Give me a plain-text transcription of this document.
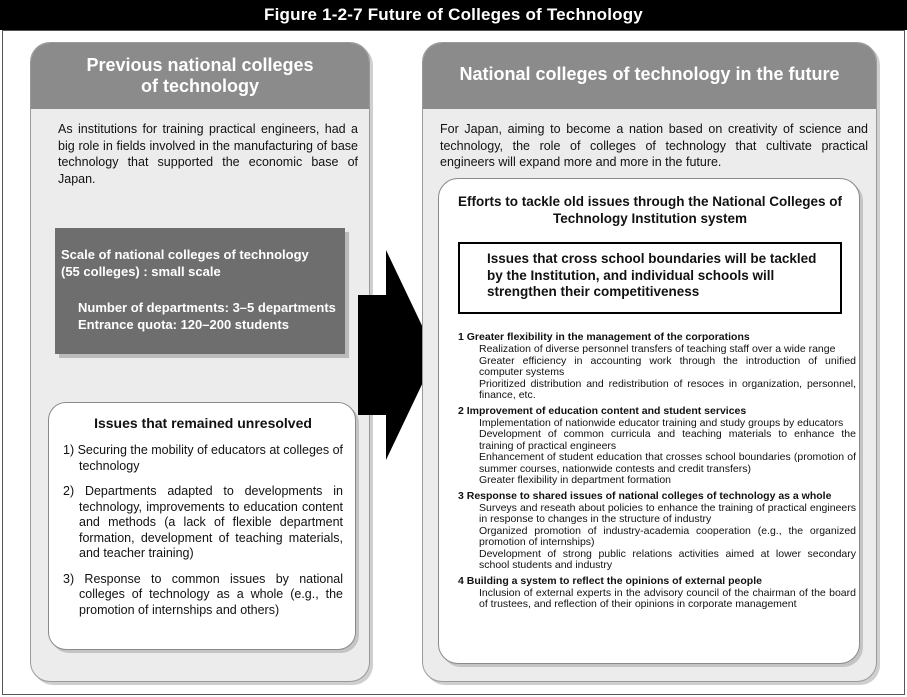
Figure 1-2-7 Future of Colleges of Technology
Previous national colleges
of technology
As institutions for training practical engineers, had a big role in fields involved in the manufacturing of base technology that supported the economic base of Japan.
Scale of national colleges of technology
(55 colleges) : small scale
Number of departments: 3–5 departments
Entrance quota: 120–200 students
Issues that remained unresolved
1) Securing the mobility of educators at colleges of technology
2) Departments adapted to developments in technology, improvements to education content and methods (a lack of flexible department formation, development of teaching materials, and teacher training)
3) Response to common issues by national colleges of technology as a whole (e.g., the promotion of internships and others)
National colleges of technology in the future
For Japan, aiming to become a nation based on creativity of science and technology, the role of colleges of technology that cultivate practical engineers will expand more and more in the future.
Efforts to tackle old issues through the National Colleges of
Technology Institution system
Issues that cross school boundaries will be tackled
by the Institution, and individual schools will
strengthen their competitiveness
1 Greater flexibility in the management of the corporations
Realization of diverse personnel transfers of teaching staff over a wide range
Greater efficiency in accounting work through the introduction of unified computer systems
Prioritized distribution and redistribution of resoces in organization, personnel, finance, etc.
2 Improvement of education content and student services
Implementation of nationwide educator training and study groups by educators
Development of common curricula and teaching materials to enhance the training of practical engineers
Enhancement of student education that crosses school boundaries (promotion of summer courses, nationwide contests and credit transfers)
Greater flexibility in department formation
3 Response to shared issues of national colleges of technology as a whole
Surveys and reseath about policies to enhance the training of practical engineers in response to changes in the structure of industry
Organized promotion of industry-academia cooperation (e.g., the organized promotion of internships)
Development of strong public relations activities aimed at lower secondary school students and industry
4 Building a system to reflect the opinions of external people
Inclusion of external experts in the advisory council of the chairman of the board of trustees, and reflection of their opinions in corporate management
